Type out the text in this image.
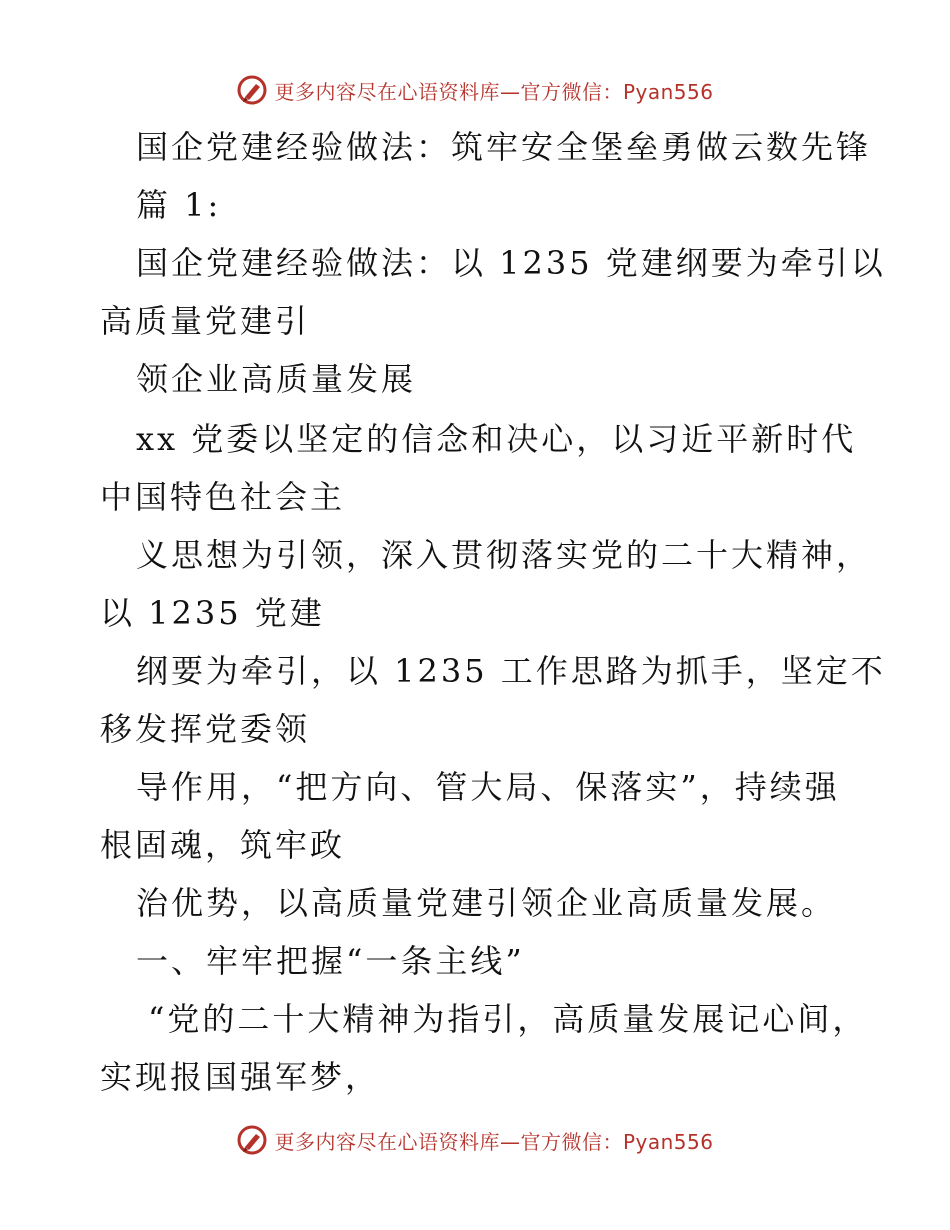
更多内容尽在心语资料库—官方微信：Pyan556
国企党建经验做法：筑牢安全堡垒勇做云数先锋
篇 1:
国企党建经验做法：以 1235 党建纲要为牵引以
高质量党建引
领企业高质量发展
xx 党委以坚定的信念和决心，以习近平新时代
中国特色社会主
义思想为引领，深入贯彻落实党的二十大精神，
以 1235 党建
纲要为牵引，以 1235 工作思路为抓手，坚定不
移发挥党委领
导作用，“把方向、管大局、保落实”，持续强
根固魂，筑牢政
治优势，以高质量党建引领企业高质量发展。
一、牢牢把握“一条主线”
“党的二十大精神为指引，高质量发展记心间，
实现报国强军梦，
更多内容尽在心语资料库—官方微信：Pyan556
